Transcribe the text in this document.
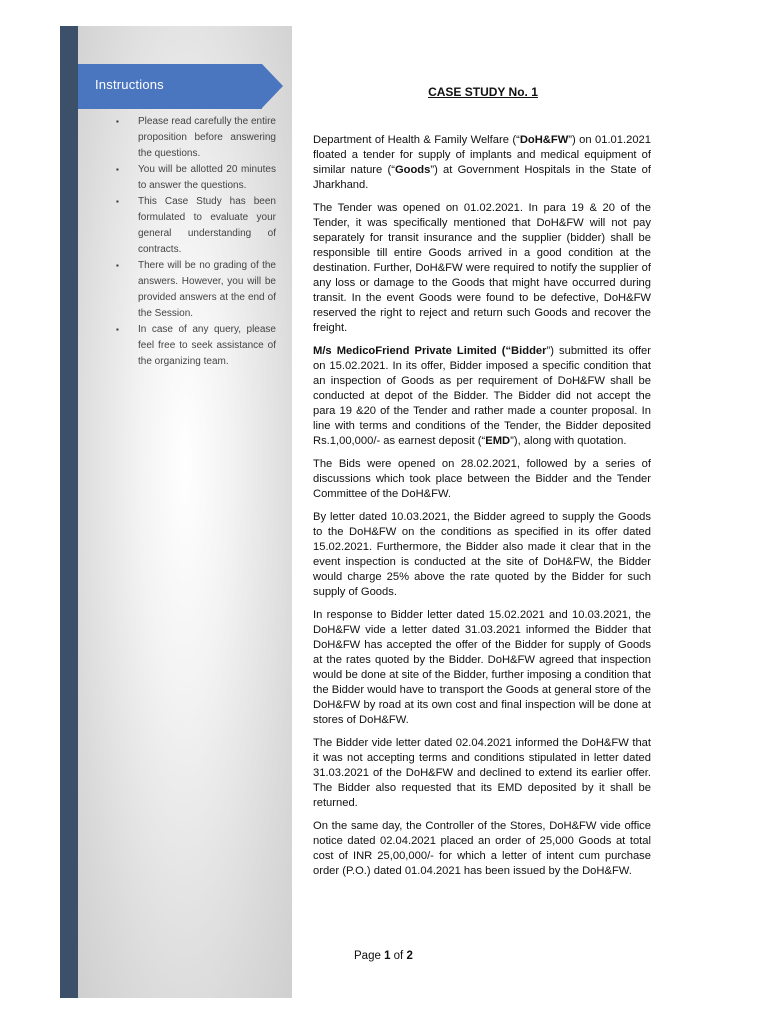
Instructions
▪ Please read carefully the entire proposition before answering the questions.
▪ You will be allotted 20 minutes to answer the questions.
▪ This Case Study has been formulated to evaluate your general understanding of contracts.
▪ There will be no grading of the answers. However, you will be provided answers at the end of the Session.
▪ In case of any query, please feel free to seek assistance of the organizing team.
CASE STUDY No. 1

Department of Health & Family Welfare (“DoH&FW”) on 01.01.2021 floated a tender for supply of implants and medical equipment of similar nature (“Goods”) at Government Hospitals in the State of Jharkhand.

The Tender was opened on 01.02.2021. In para 19 & 20 of the Tender, it was specifically mentioned that DoH&FW will not pay separately for transit insurance and the supplier (bidder) shall be responsible till entire Goods arrived in a good condition at the destination. Further, DoH&FW were required to notify the supplier of any loss or damage to the Goods that might have occurred during transit. In the event Goods were found to be defective, DoH&FW reserved the right to reject and return such Goods and recover the freight.

M/s MedicoFriend Private Limited (“Bidder”) submitted its offer on 15.02.2021. In its offer, Bidder imposed a specific condition that an inspection of Goods as per requirement of DoH&FW shall be conducted at depot of the Bidder. The Bidder did not accept the para 19 &20 of the Tender and rather made a counter proposal. In line with terms and conditions of the Tender, the Bidder deposited Rs.1,00,000/- as earnest deposit (“EMD”), along with quotation.

The Bids were opened on 28.02.2021, followed by a series of discussions which took place between the Bidder and the Tender Committee of the DoH&FW.

By letter dated 10.03.2021, the Bidder agreed to supply the Goods to the DoH&FW on the conditions as specified in its offer dated 15.02.2021. Furthermore, the Bidder also made it clear that in the event inspection is conducted at the site of DoH&FW, the Bidder would charge 25% above the rate quoted by the Bidder for such supply of Goods.

In response to Bidder letter dated 15.02.2021 and 10.03.2021, the DoH&FW vide a letter dated 31.03.2021 informed the Bidder that DoH&FW has accepted the offer of the Bidder for supply of Goods at the rates quoted by the Bidder. DoH&FW agreed that inspection would be done at site of the Bidder, further imposing a condition that the Bidder would have to transport the Goods at general store of the DoH&FW by road at its own cost and final inspection will be done at stores of DoH&FW.

The Bidder vide letter dated 02.04.2021 informed the DoH&FW that it was not accepting terms and conditions stipulated in letter dated 31.03.2021 of the DoH&FW and declined to extend its earlier offer. The Bidder also requested that its EMD deposited by it shall be returned.

On the same day, the Controller of the Stores, DoH&FW vide office notice dated 02.04.2021 placed an order of 25,000 Goods at total cost of INR 25,00,000/- for which a letter of intent cum purchase order (P.O.) dated 01.04.2021 has been issued by the DoH&FW.

Page 1 of 2
